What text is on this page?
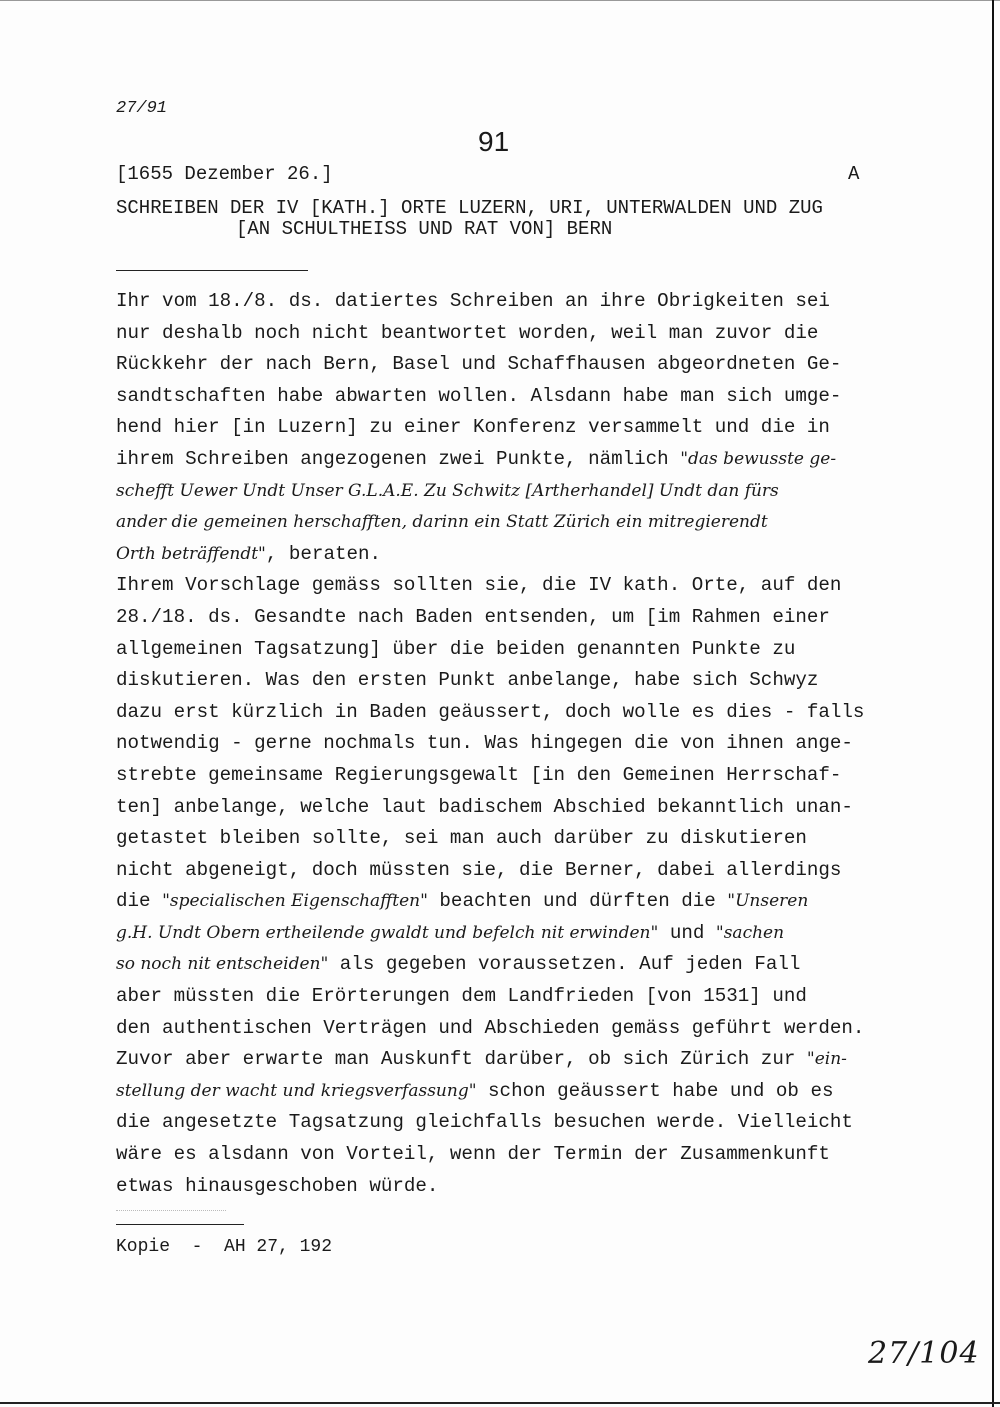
27/91
91
[1655 Dezember 26.]	A
SCHREIBEN DER IV [KATH.] ORTE LUZERN, URI, UNTERWALDEN UND ZUG
[AN SCHULTHEISS UND RAT VON] BERN
Ihr vom 18./8. ds. datiertes Schreiben an ihre Obrigkeiten sei
nur deshalb noch nicht beantwortet worden, weil man zuvor die
Rückkehr der nach Bern, Basel und Schaffhausen abgeordneten Ge-
sandtschaften habe abwarten wollen. Alsdann habe man sich umge-
hend hier [in Luzern] zu einer Konferenz versammelt und die in
ihrem Schreiben angezogenen zwei Punkte, nämlich "das bewusste ge-
schefft Uewer Undt Unser G.L.A.E. Zu Schwitz [Artherhandel] Undt dan fürs
ander die gemeinen herschafften, darinn ein Statt Zürich ein mitregierendt
Orth beträffendt", beraten.
Ihrem Vorschlage gemäss sollten sie, die IV kath. Orte, auf den
28./18. ds. Gesandte nach Baden entsenden, um [im Rahmen einer
allgemeinen Tagsatzung] über die beiden genannten Punkte zu
diskutieren. Was den ersten Punkt anbelange, habe sich Schwyz
dazu erst kürzlich in Baden geäussert, doch wolle es dies - falls
notwendig - gerne nochmals tun. Was hingegen die von ihnen ange-
strebte gemeinsame Regierungsgewalt [in den Gemeinen Herrschaf-
ten] anbelange, welche laut badischem Abschied bekanntlich unan-
getastet bleiben sollte, sei man auch darüber zu diskutieren
nicht abgeneigt, doch müssten sie, die Berner, dabei allerdings
die "specialischen Eigenschafften" beachten und dürften die "Unseren
g.H. Undt Obern ertheilende gwaldt und befelch nit erwinden" und "sachen
so noch nit entscheiden" als gegeben voraussetzen. Auf jeden Fall
aber müssten die Erörterungen dem Landfrieden [von 1531] und
den authentischen Verträgen und Abschieden gemäss geführt werden.
Zuvor aber erwarte man Auskunft darüber, ob sich Zürich zur "ein-
stellung der wacht und kriegsverfassung" schon geäussert habe und ob es
die angesetzte Tagsatzung gleichfalls besuchen werde. Vielleicht
wäre es alsdann von Vorteil, wenn der Termin der Zusammenkunft
etwas hinausgeschoben würde.
Kopie  -  AH 27, 192
27/104
